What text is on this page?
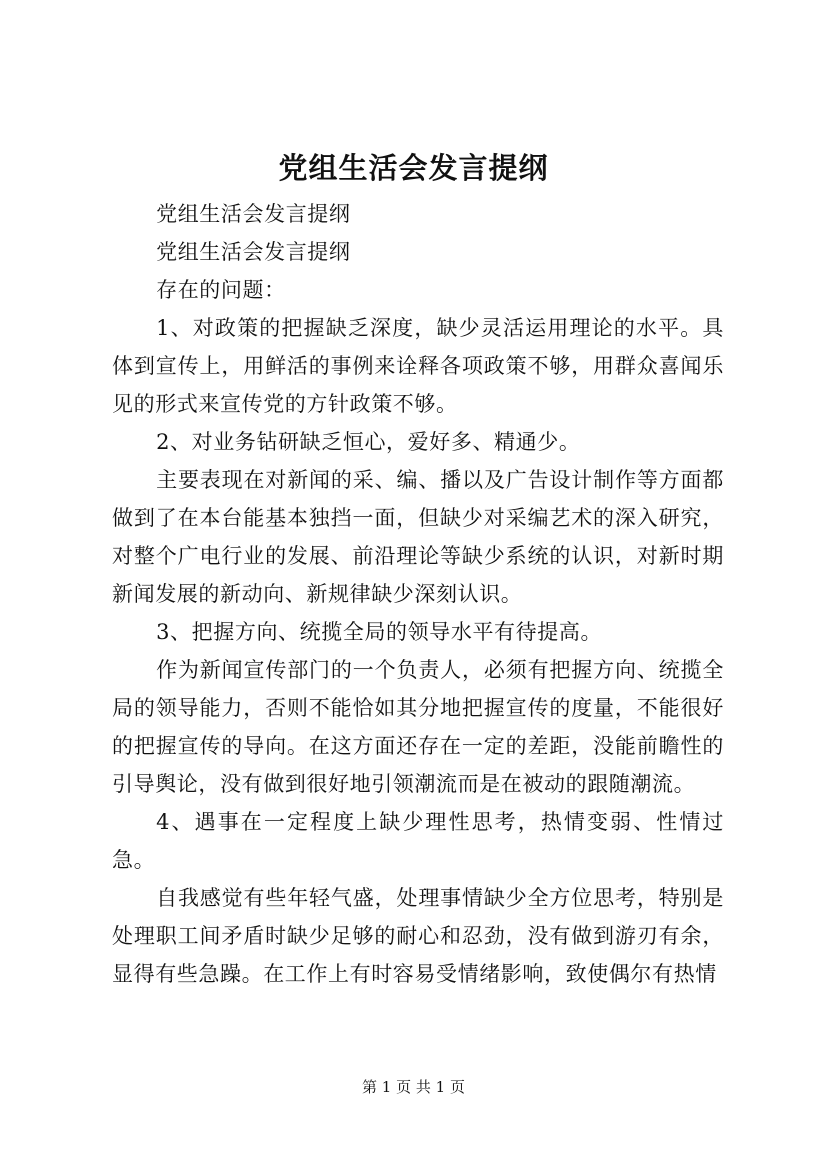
党组生活会发言提纲

党组生活会发言提纲

党组生活会发言提纲

存在的问题：

1、对政策的把握缺乏深度，缺少灵活运用理论的水平。具体到宣传上，用鲜活的事例来诠释各项政策不够，用群众喜闻乐见的形式来宣传党的方针政策不够。

2、对业务钻研缺乏恒心，爱好多、精通少。

主要表现在对新闻的采、编、播以及广告设计制作等方面都做到了在本台能基本独挡一面，但缺少对采编艺术的深入研究，对整个广电行业的发展、前沿理论等缺少系统的认识，对新时期新闻发展的新动向、新规律缺少深刻认识。

3、把握方向、统揽全局的领导水平有待提高。

作为新闻宣传部门的一个负责人，必须有把握方向、统揽全局的领导能力，否则不能恰如其分地把握宣传的度量，不能很好的把握宣传的导向。在这方面还存在一定的差距，没能前瞻性的引导舆论，没有做到很好地引领潮流而是在被动的跟随潮流。

4、遇事在一定程度上缺少理性思考，热情变弱、性情过急。

自我感觉有些年轻气盛，处理事情缺少全方位思考，特别是处理职工间矛盾时缺少足够的耐心和忍劲，没有做到游刃有余，显得有些急躁。在工作上有时容易受情绪影响，致使偶尔有热情

第 1 页 共 1 页
